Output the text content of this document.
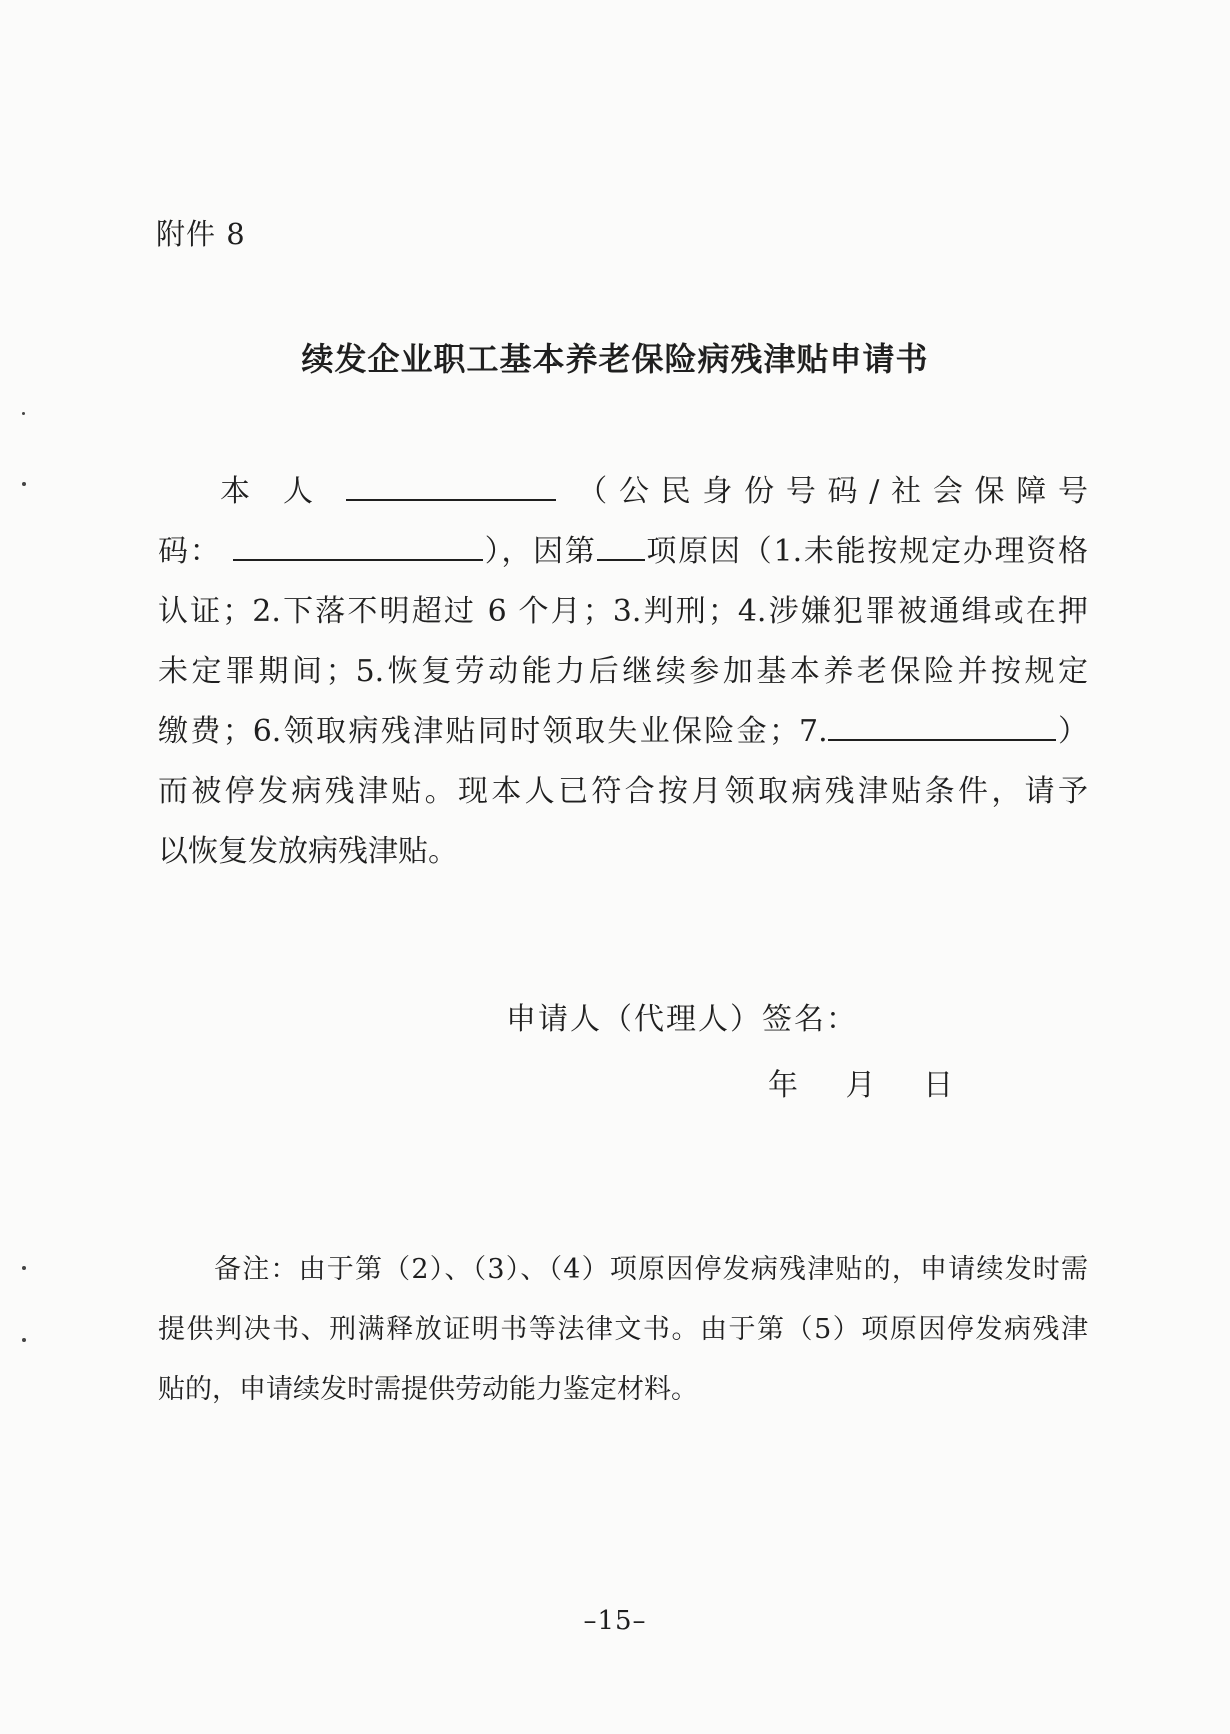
附件 8
续发企业职工基本养老保险病残津贴申请书
本 人	（公民身份号码/社会保障号
码：	），因第 项原因（1.未能按规定办理资格
认证；2.下落不明超过 6 个月；3.判刑；4.涉嫌犯罪被通缉或在押
未定罪期间；5.恢复劳动能力后继续参加基本养老保险并按规定
缴费；6.领取病残津贴同时领取失业保险金；7.	）
而被停发病残津贴。现本人已符合按月领取病残津贴条件，请予
以恢复发放病残津贴。
申请人（代理人）签名：
年 月 日
备注：由于第（2）、（3）、（4）项原因停发病残津贴的，申请续发时需
提供判决书、刑满释放证明书等法律文书。由于第（5）项原因停发病残津
贴的，申请续发时需提供劳动能力鉴定材料。
–15–
